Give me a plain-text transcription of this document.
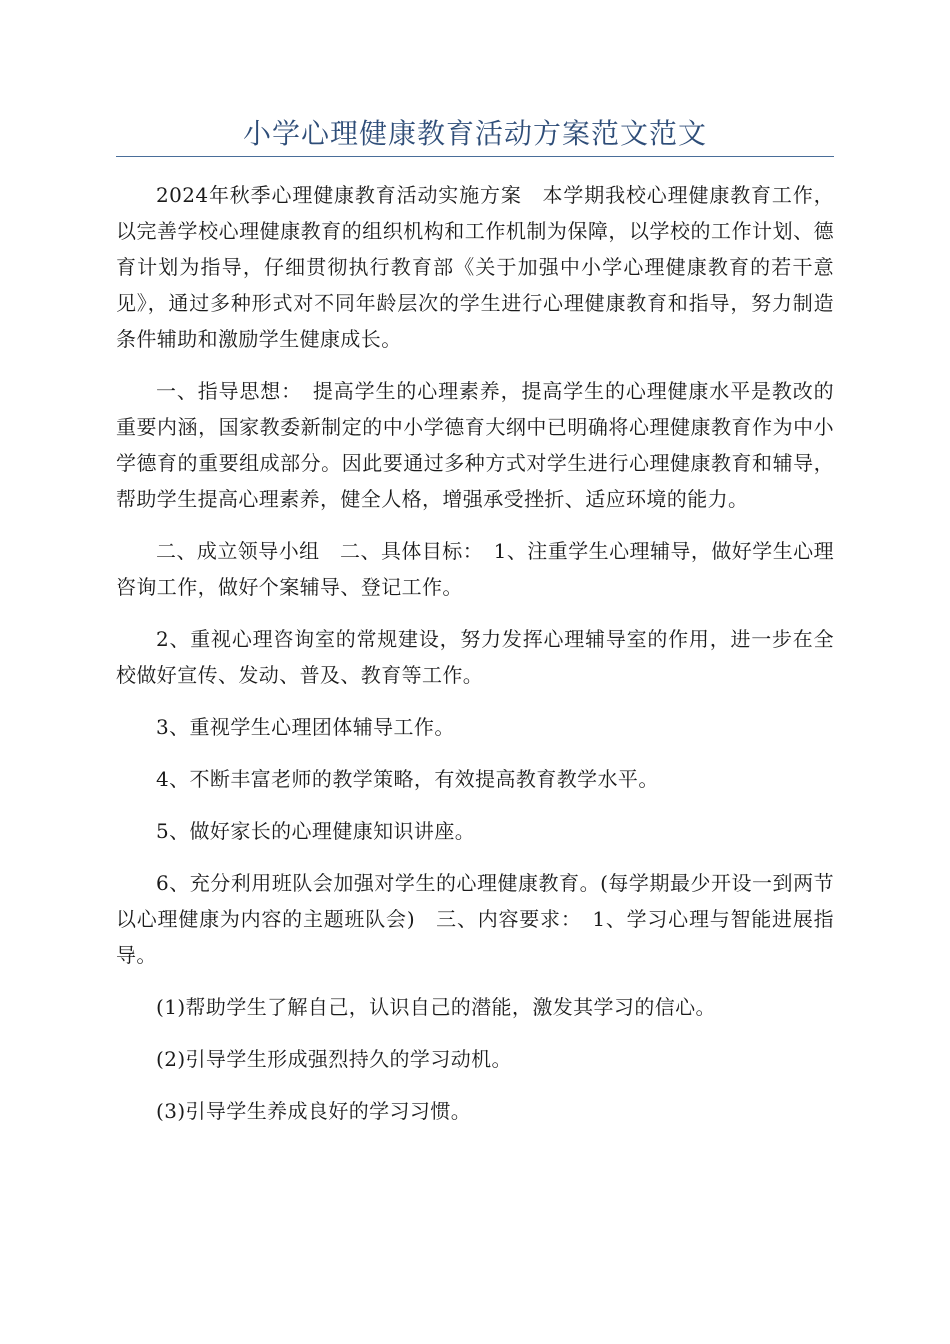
小学心理健康教育活动方案范文范文

2024年秋季心理健康教育活动实施方案　本学期我校心理健康教育工作，以完善学校心理健康教育的组织机构和工作机制为保障，以学校的工作计划、德育计划为指导，仔细贯彻执行教育部《关于加强中小学心理健康教育的若干意见》，通过多种形式对不同年龄层次的学生进行心理健康教育和指导，努力制造条件辅助和激励学生健康成长。

一、指导思想：　提高学生的心理素养，提高学生的心理健康水平是教改的重要内涵，国家教委新制定的中小学德育大纲中已明确将心理健康教育作为中小学德育的重要组成部分。因此要通过多种方式对学生进行心理健康教育和辅导，帮助学生提高心理素养，健全人格，增强承受挫折、适应环境的能力。

二、成立领导小组　二、具体目标：　1、注重学生心理辅导，做好学生心理咨询工作，做好个案辅导、登记工作。

2、重视心理咨询室的常规建设，努力发挥心理辅导室的作用，进一步在全校做好宣传、发动、普及、教育等工作。

3、重视学生心理团体辅导工作。

4、不断丰富老师的教学策略，有效提高教育教学水平。

5、做好家长的心理健康知识讲座。

6、充分利用班队会加强对学生的心理健康教育。(每学期最少开设一到两节以心理健康为内容的主题班队会)　三、内容要求：　1、学习心理与智能进展指导。

(1)帮助学生了解自己，认识自己的潜能，激发其学习的信心。

(2)引导学生形成强烈持久的学习动机。

(3)引导学生养成良好的学习习惯。
